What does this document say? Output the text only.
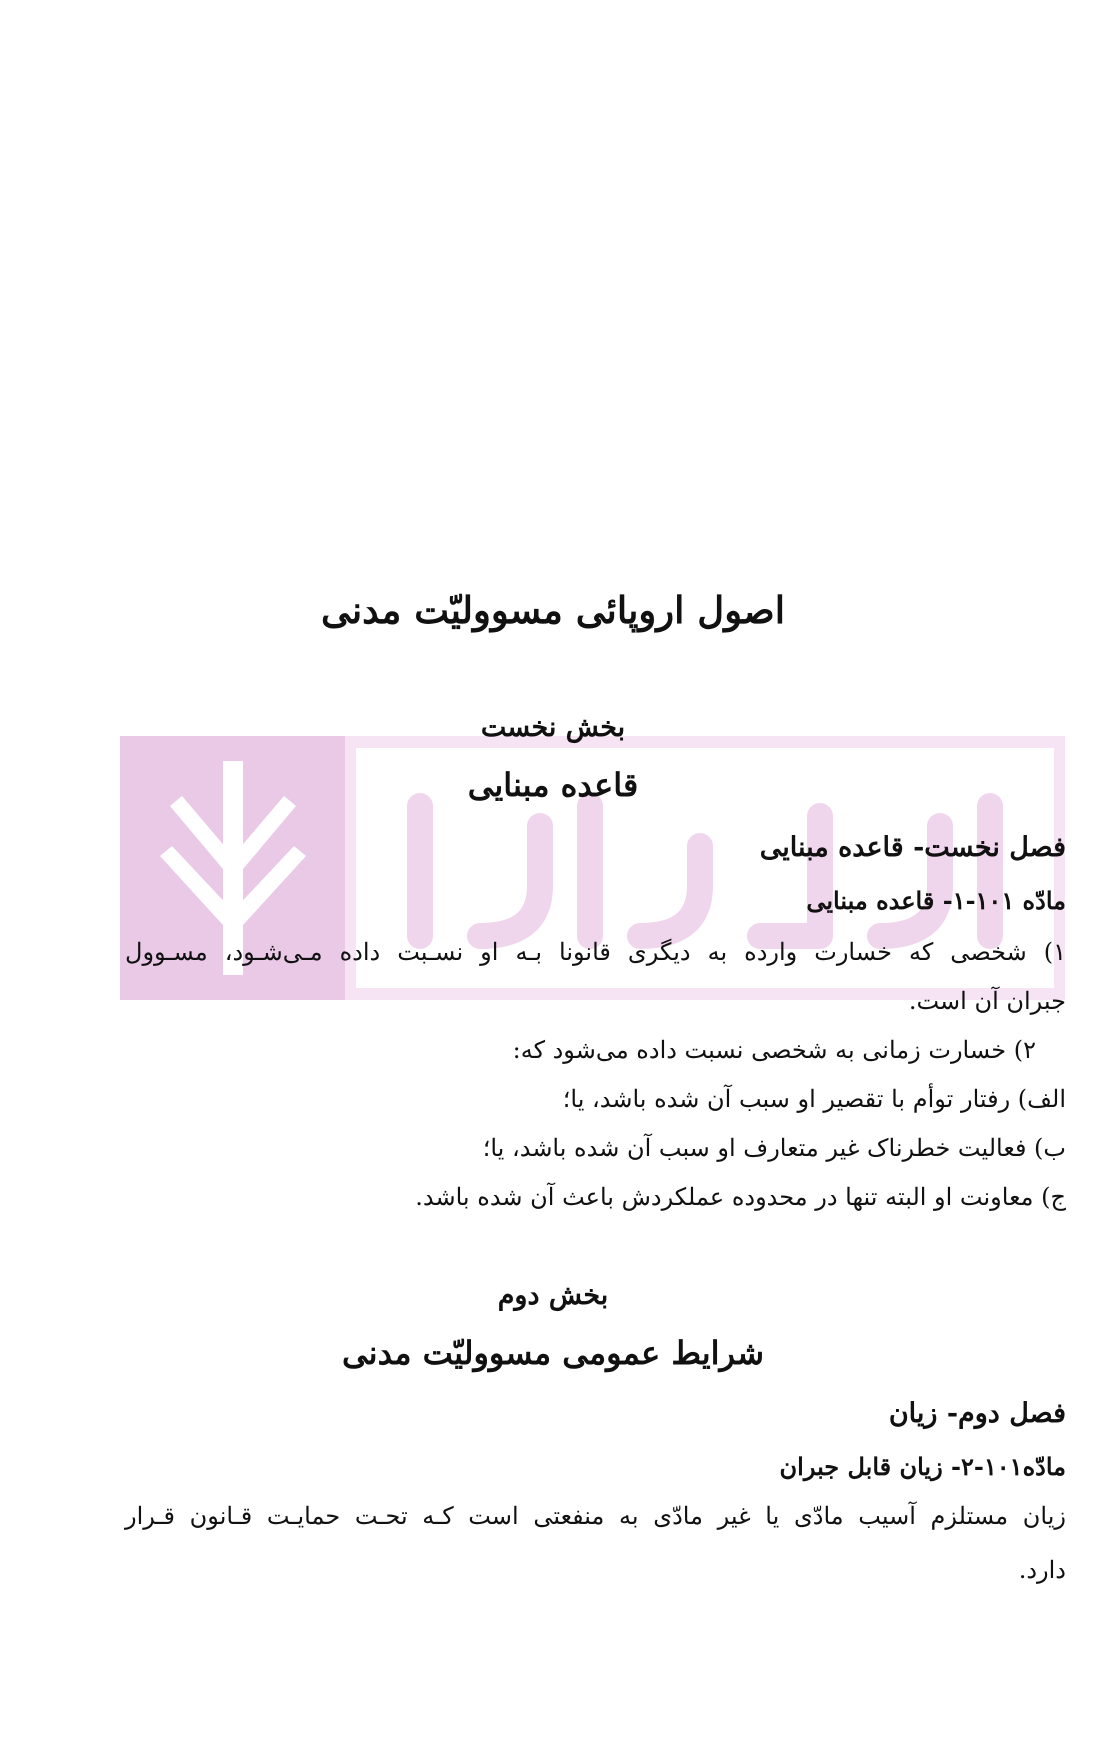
اصول اروپائی مسوولیّت مدنی
بخش نخست
قاعده مبنایی
فصل نخست- قاعده مبنایی
مادّه ۱۰۱-۱- قاعده مبنایی
۱) شخصی که خسارت وارده به دیگری قانونا بـه او نسـبت داده مـی‌شـود، مسـوول
جبران آن است.
۲) خسارت زمانی به شخصی نسبت داده می‌شود که:
الف) رفتار توأم با تقصیر او سبب آن شده باشد، یا؛
ب) فعالیت خطرناک غیر متعارف او سبب آن شده باشد، یا؛
ج) معاونت او البته تنها در محدوده عملکردش باعث آن شده باشد.
بخش دوم
شرایط عمومی مسوولیّت مدنی
فصل دوم- زیان
مادّه۱۰۱-۲- زیان قابل جبران
زیان مستلزم آسیب مادّی یا غیر مادّی به منفعتی است کـه تحـت حمایـت قـانون قـرار
دارد.
